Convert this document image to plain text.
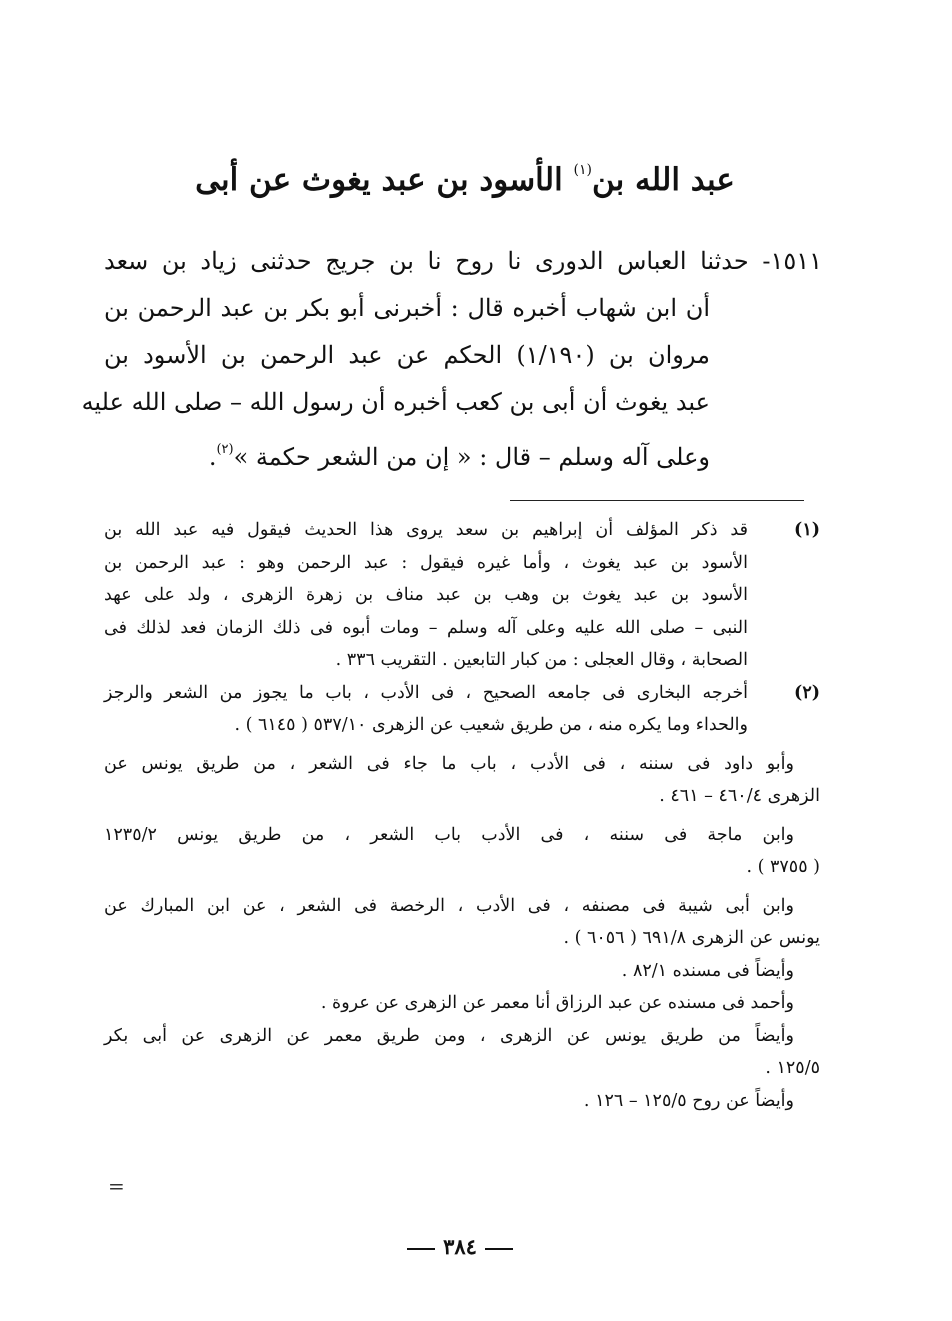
عبد الله بن$^{(١)}$ الأسود بن عبد يغوث عن أبى
١٥١١- حدثنا العباس الدورى نا روح نا بن جريج حدثنى زياد بن سعد
أن ابن شهاب أخبره قال : أخبرنى أبو بكر بن عبد الرحمن بن
مروان بن (١/١٩٠) الحكم عن عبد الرحمن بن الأسود بن
عبد يغوث أن أبى بن كعب أخبره أن رسول الله – صلى الله عليه
وعلى آله وسلم – قال : « إن من الشعر حكمة »$^{(٢)}$.
(١)
قد ذكر المؤلف أن إبراهيم بن سعد يروى هذا الحديث فيقول فيه عبد الله بن
الأسود بن عبد يغوث ، وأما غيره فيقول : عبد الرحمن وهو : عبد الرحمن بن
الأسود بن عبد يغوث بن وهب بن عبد مناف بن زهرة الزهرى ، ولد على عهد
النبى – صلى الله عليه وعلى آله وسلم – ومات أبوه فى ذلك الزمان فعد لذلك فى
الصحابة ، وقال العجلى : من كبار التابعين . التقريب ٣٣٦ .
(٢)
أخرجه البخارى فى جامعه الصحيح ، فى الأدب ، باب ما يجوز من الشعر والرجز
والحداء وما يكره منه ، من طريق شعيب عن الزهرى ٥٣٧/١٠ ( ٦١٤٥ ) .
وأبو داود فى سننه ، فى الأدب ، باب ما جاء فى الشعر ، من طريق يونس عن
الزهرى ٤٦٠/٤ – ٤٦١ .
وابن ماجة فى سننه ، فى الأدب باب الشعر ، من طريق يونس ١٢٣٥/٢
( ٣٧٥٥ ) .
وابن أبى شيبة فى مصنفه ، فى الأدب ، الرخصة فى الشعر ، عن ابن المبارك عن
يونس عن الزهرى ٦٩١/٨ ( ٦٠٥٦ ) .
وأيضاً فى مسنده ٨٢/١ .
وأحمد فى مسنده عن عبد الرزاق أنا معمر عن الزهرى عن عروة .
وأيضاً من طريق يونس عن الزهرى ، ومن طريق معمر عن الزهرى عن أبى بكر
١٢٥/٥ .
وأيضاً عن روح ١٢٥/٥ – ١٢٦ .
=
٣٨٤
